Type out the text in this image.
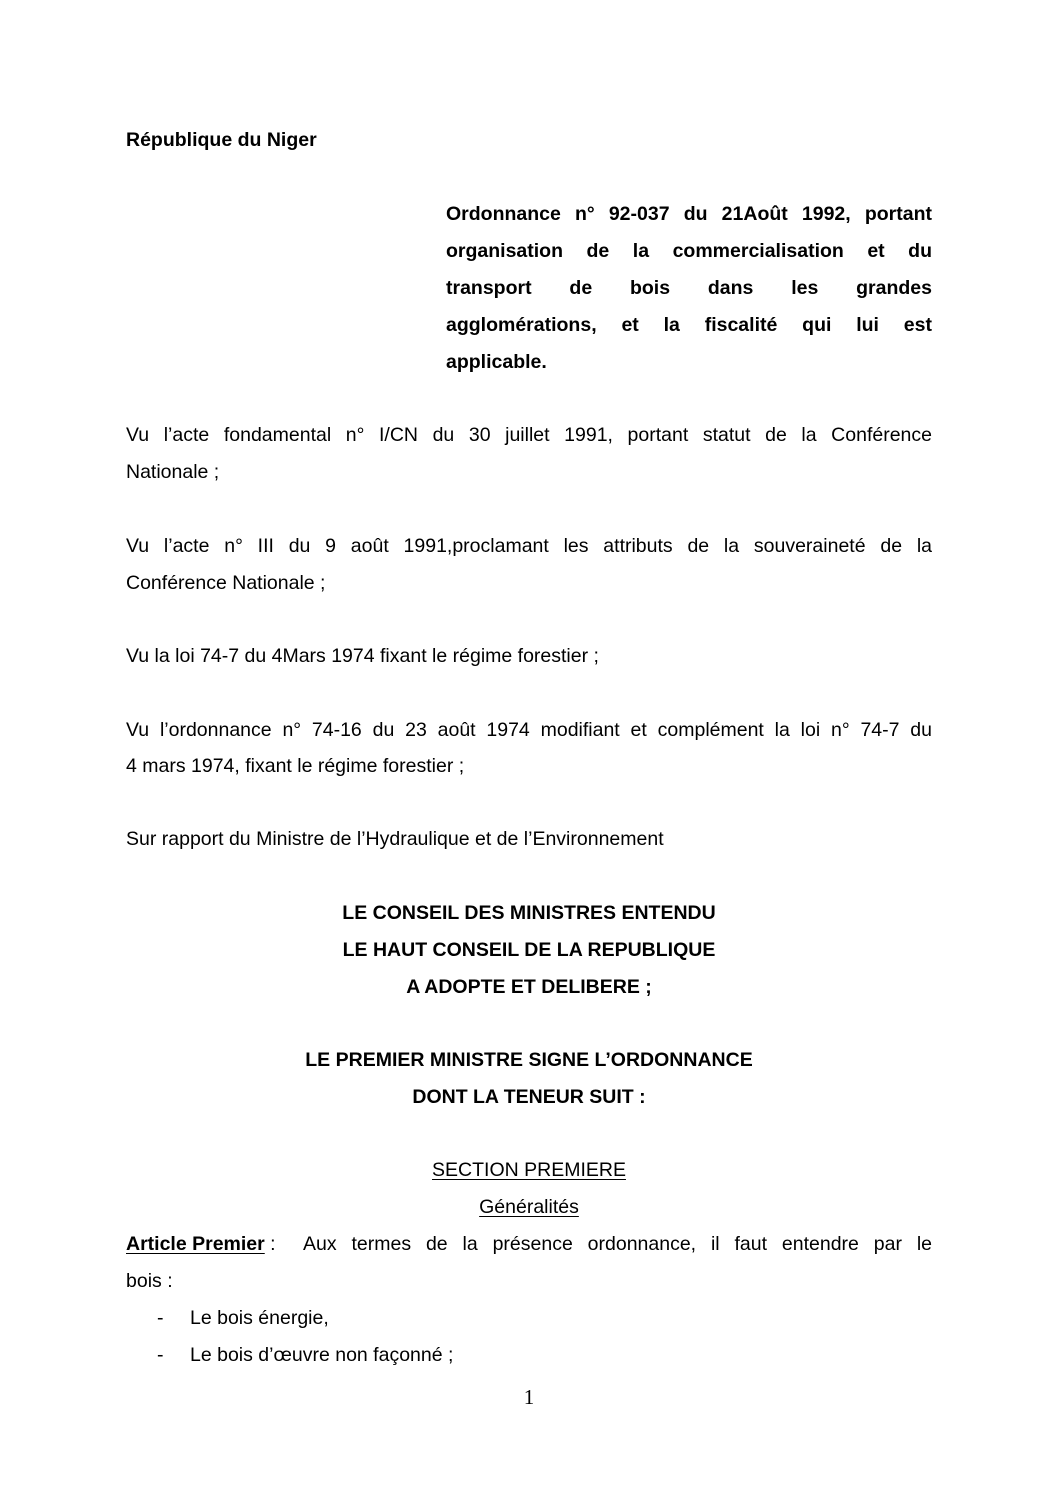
République du Niger
Ordonnance n° 92-037 du 21Août 1992, portant
organisation de la commercialisation et du
transport de bois dans les grandes
agglomérations, et la fiscalité qui lui est
applicable.
Vu l’acte fondamental n° I/CN du 30 juillet 1991, portant statut de la Conférence
Nationale ;
Vu l’acte n° III du 9 août 1991,proclamant les attributs de la souveraineté de la
Conférence Nationale ;
Vu la loi 74-7 du 4Mars 1974 fixant le régime forestier ;
Vu l’ordonnance n° 74-16 du 23 août 1974 modifiant et complément la loi n° 74-7 du
4 mars 1974, fixant le régime forestier ;
Sur rapport du Ministre de l’Hydraulique et de l’Environnement
LE CONSEIL DES MINISTRES ENTENDU
LE HAUT CONSEIL DE LA REPUBLIQUE
A ADOPTE ET DELIBERE ;
LE PREMIER MINISTRE SIGNE L’ORDONNANCE
DONT LA TENEUR SUIT :
SECTION PREMIERE
Généralités
Article Premier : Aux termes de la présence ordonnance, il faut entendre par le
bois :
- Le bois énergie,
- Le bois d’œuvre non façonné ;
1
